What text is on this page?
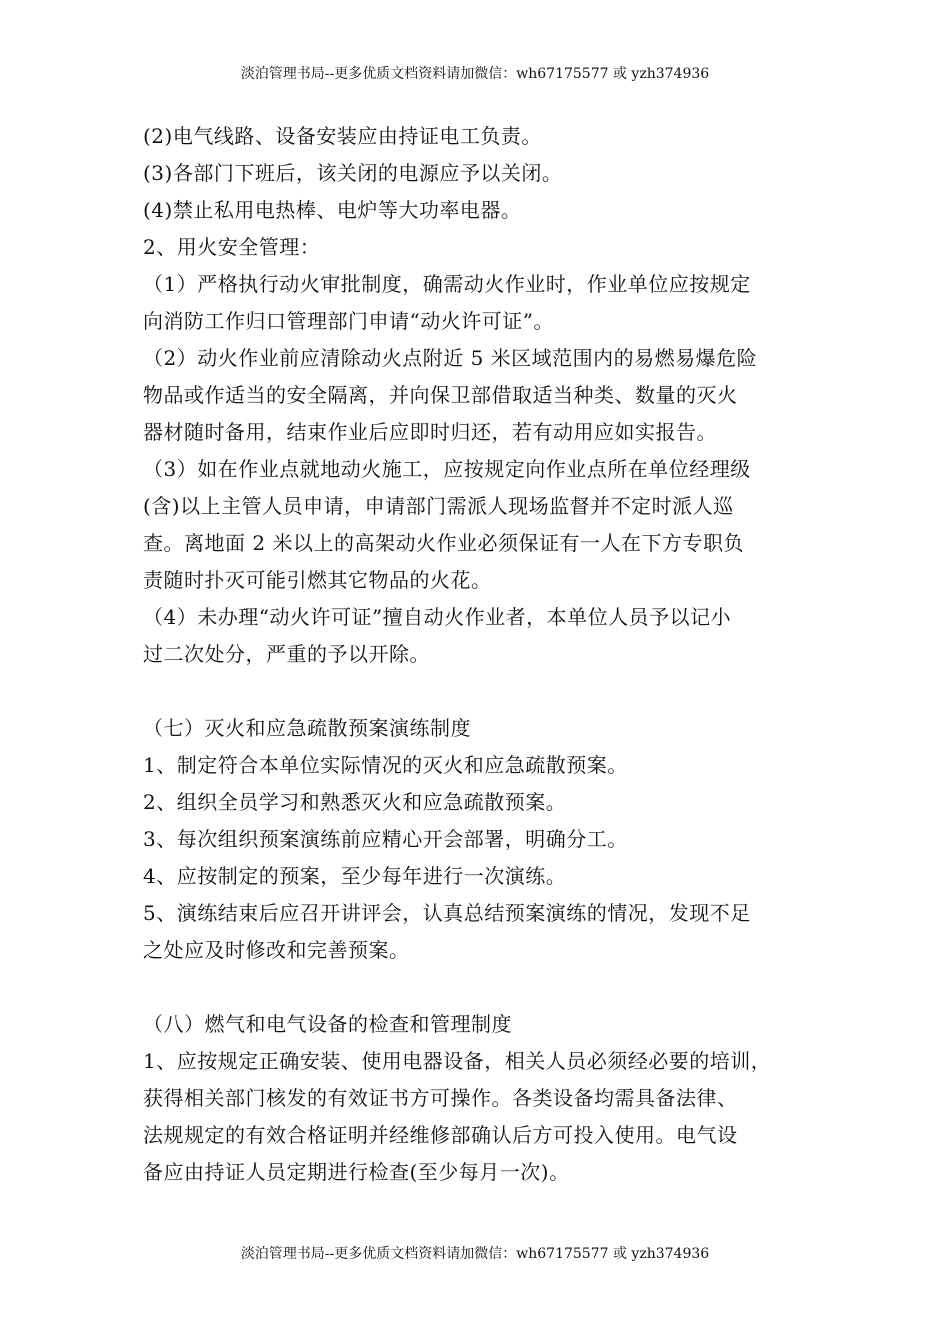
淡泊管理书局--更多优质文档资料请加微信：wh67175577 或 yzh374936
(2)电气线路、设备安装应由持证电工负责。
(3)各部门下班后，该关闭的电源应予以关闭。
(4)禁止私用电热棒、电炉等大功率电器。
2、用火安全管理：
（1）严格执行动火审批制度，确需动火作业时，作业单位应按规定
向消防工作归口管理部门申请“动火许可证”。
（2）动火作业前应清除动火点附近 5 米区域范围内的易燃易爆危险
物品或作适当的安全隔离，并向保卫部借取适当种类、数量的灭火
器材随时备用，结束作业后应即时归还，若有动用应如实报告。
（3）如在作业点就地动火施工，应按规定向作业点所在单位经理级
(含)以上主管人员申请，申请部门需派人现场监督并不定时派人巡
查。离地面 2 米以上的高架动火作业必须保证有一人在下方专职负
责随时扑灭可能引燃其它物品的火花。
（4）未办理“动火许可证”擅自动火作业者，本单位人员予以记小
过二次处分，严重的予以开除。
（七）灭火和应急疏散预案演练制度
1、制定符合本单位实际情况的灭火和应急疏散预案。
2、组织全员学习和熟悉灭火和应急疏散预案。
3、每次组织预案演练前应精心开会部署，明确分工。
4、应按制定的预案，至少每年进行一次演练。
5、演练结束后应召开讲评会，认真总结预案演练的情况，发现不足
之处应及时修改和完善预案。
（八）燃气和电气设备的检查和管理制度
1、应按规定正确安装、使用电器设备，相关人员必须经必要的培训，
获得相关部门核发的有效证书方可操作。各类设备均需具备法律、
法规规定的有效合格证明并经维修部确认后方可投入使用。电气设
备应由持证人员定期进行检查(至少每月一次)。
淡泊管理书局--更多优质文档资料请加微信：wh67175577 或 yzh374936
